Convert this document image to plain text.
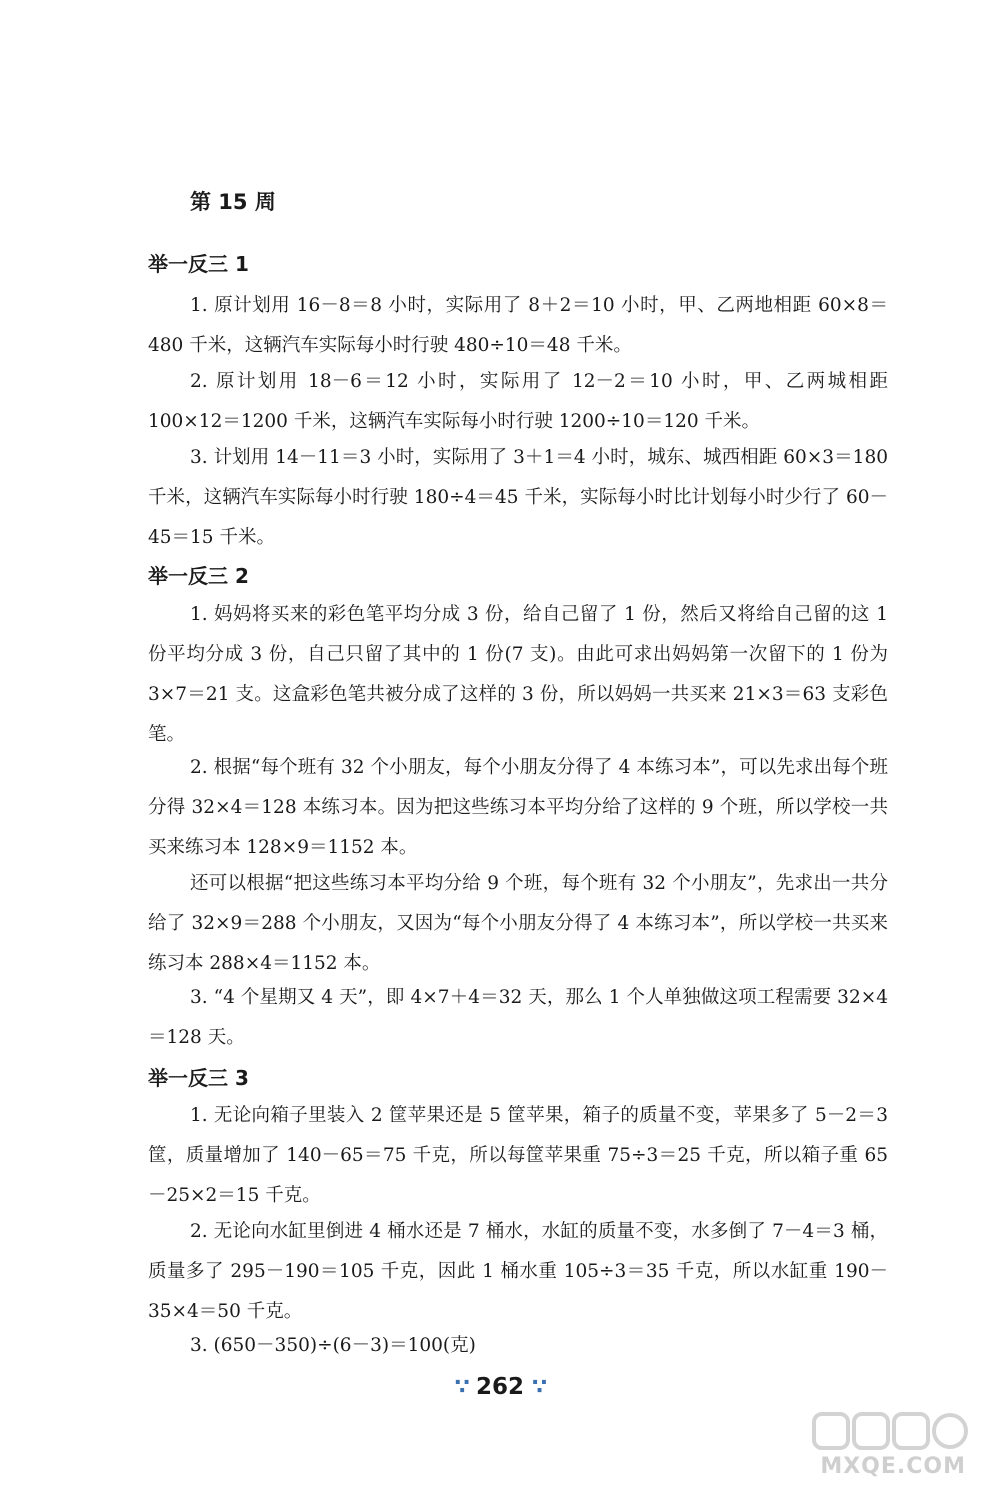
第 15 周
举一反三 1
1. 原计划用 16－8＝8 小时，实际用了 8＋2＝10 小时，甲、乙两地相距 60×8＝480 千米，这辆汽车实际每小时行驶 480÷10＝48 千米。
2. 原计划用 18－6＝12 小时，实际用了 12－2＝10 小时，甲、乙两城相距 100×12＝1200 千米，这辆汽车实际每小时行驶 1200÷10＝120 千米。
3. 计划用 14－11＝3 小时，实际用了 3＋1＝4 小时，城东、城西相距 60×3＝180 千米，这辆汽车实际每小时行驶 180÷4＝45 千米，实际每小时比计划每小时少行了 60－45＝15 千米。
举一反三 2
1. 妈妈将买来的彩色笔平均分成 3 份，给自己留了 1 份，然后又将给自己留的这 1 份平均分成 3 份，自己只留了其中的 1 份(7 支)。由此可求出妈妈第一次留下的 1 份为 3×7＝21 支。这盒彩色笔共被分成了这样的 3 份，所以妈妈一共买来 21×3＝63 支彩色笔。
2. 根据“每个班有 32 个小朋友，每个小朋友分得了 4 本练习本”，可以先求出每个班分得 32×4＝128 本练习本。因为把这些练习本平均分给了这样的 9 个班，所以学校一共买来练习本 128×9＝1152 本。
还可以根据“把这些练习本平均分给 9 个班，每个班有 32 个小朋友”，先求出一共分给了 32×9＝288 个小朋友，又因为“每个小朋友分得了 4 本练习本”，所以学校一共买来练习本 288×4＝1152 本。
3. “4 个星期又 4 天”，即 4×7＋4＝32 天，那么 1 个人单独做这项工程需要 32×4＝128 天。
举一反三 3
1. 无论向箱子里装入 2 筐苹果还是 5 筐苹果，箱子的质量不变，苹果多了 5－2＝3 筐，质量增加了 140－65＝75 千克，所以每筐苹果重 75÷3＝25 千克，所以箱子重 65－25×2＝15 千克。
2. 无论向水缸里倒进 4 桶水还是 7 桶水，水缸的质量不变，水多倒了 7－4＝3 桶，质量多了 295－190＝105 千克，因此 1 桶水重 105÷3＝35 千克，所以水缸重 190－35×4＝50 千克。
3. (650－350)÷(6－3)＝100(克)
∵ 262 ∵
MXQE.COM
